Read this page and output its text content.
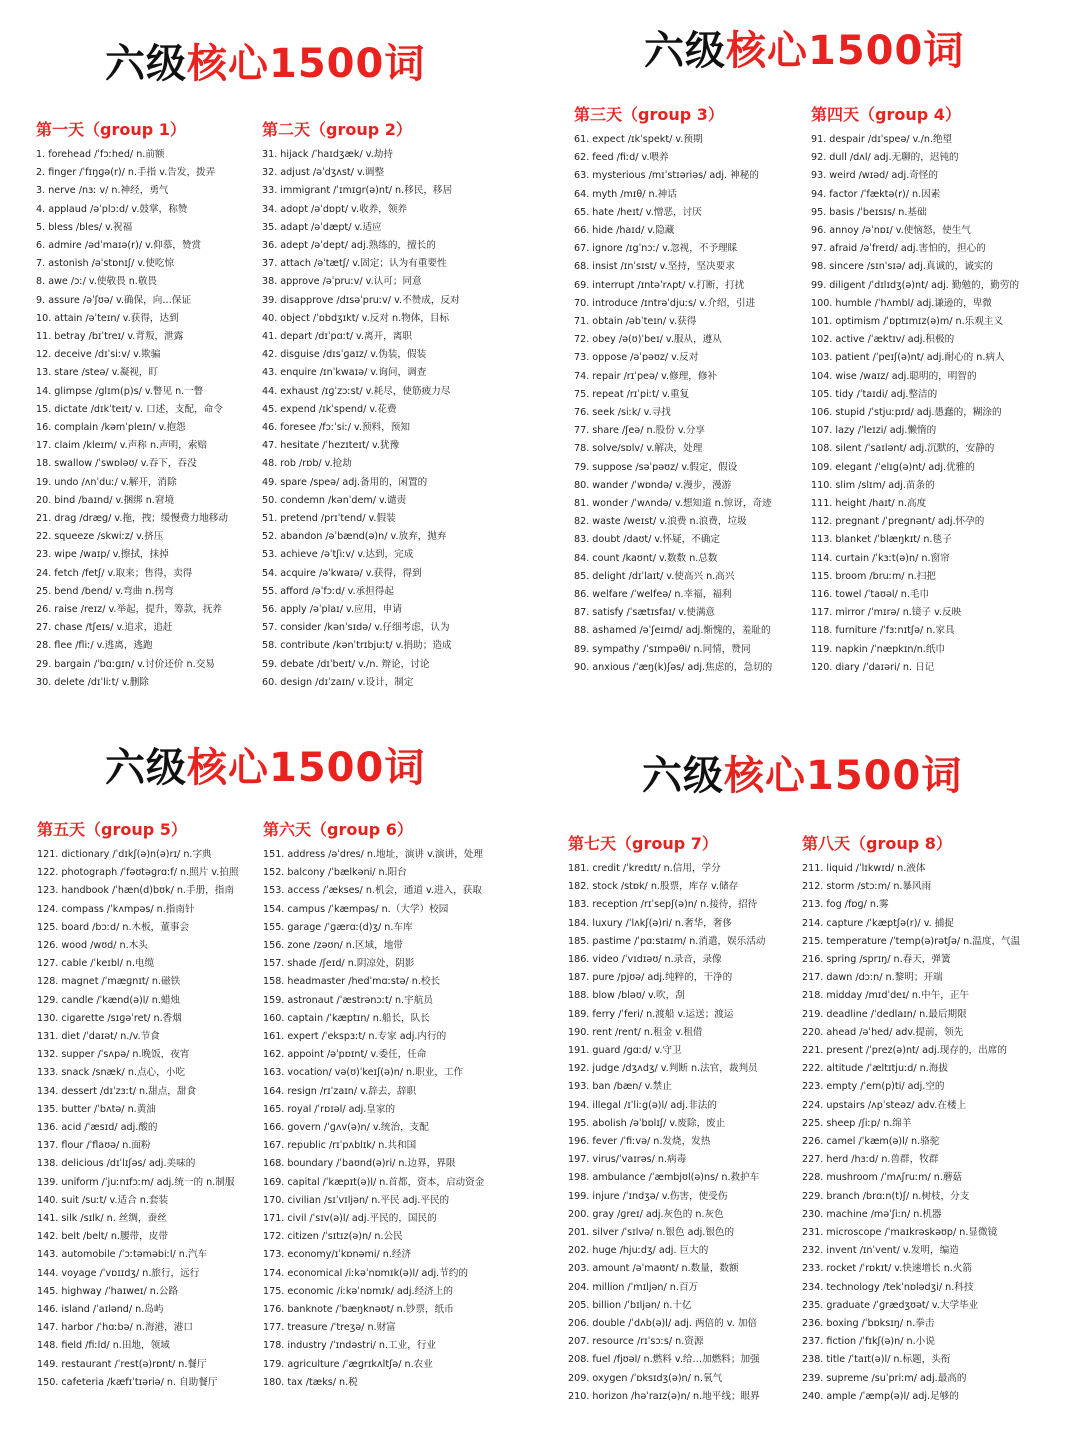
六级核心1500词
第一天（group 1）
1. forehead /ˈfɔːhed/ n.前额
2. finger /ˈfɪŋɡə(r)/ n.手指 v.告发，拨弄
3. nerve /nɜː v/ n.神经，勇气
4. applaud /əˈplɔːd/ v.鼓掌，称赞
5. bless /bles/ v.祝福
6. admire /ədˈmaɪə(r)/ v.仰慕，赞赏
7. astonish /əˈstɒnɪʃ/ v.使吃惊
8. awe /ɔː/ v.使敬畏 n.敬畏
9. assure /əˈʃʊə/ v.确保，向…保证
10. attain /əˈteɪn/ v.获得，达到
11. betray /bɪˈtreɪ/ v.背叛，泄露
12. deceive /dɪˈsiːv/ v.欺骗
13. stare /steə/ v.凝视，盯
14. glimpse /glɪm(p)s/ v.瞥见 n.一瞥
15. dictate /dɪkˈteɪt/ v. 口述，支配，命令
16. complain /kəmˈpleɪn/ v.抱怨
17. claim /kleɪm/ v.声称 n.声明，索赔
18. swallow /ˈswɒləʊ/ v.吞下，吞没
19. undo /ʌnˈduː/ v.解开，消除
20. bind /baɪnd/ v.捆绑 n.窘境
21. drag /dræɡ/ v.拖，拽；缓慢费力地移动
22. squeeze /skwiːz/ v.挤压
23. wipe /waɪp/ v.擦拭，抹掉
24. fetch /fetʃ/ v.取来；售得，卖得
25. bend /bend/ v.弯曲 n.拐弯
26. raise /reɪz/ v.举起，提升，筹款，抚养
27. chase /tʃeɪs/ v.追求，追赶
28. flee /fliː/ v.逃离，逃跑
29. bargain /ˈbɑːɡɪn/ v.讨价还价 n.交易
30. delete /dɪˈliːt/ v.删除
第二天（group 2）
31. hijack /ˈhaɪdʒæk/ v.劫持
32. adjust /əˈdʒʌst/ v.调整
33. immigrant /ˈɪmɪɡr(ə)nt/ n.移民，移居
34. adopt /əˈdɒpt/ v.收养，领养
35. adapt /əˈdæpt/ v.适应
36. adept /əˈdept/ adj.熟练的，擅长的
37. attach /əˈtætʃ/ v.固定；认为有重要性
38. approve /əˈpruːv/ v.认可；同意
39. disapprove /dɪsəˈpruːv/ v.不赞成，反对
40. object /ˈɒbdʒɪkt/ v.反对 n.物体，目标
41. depart /dɪˈpɑːt/ v.离开，离职
42. disguise /dɪsˈɡaɪz/ v.伪装，假装
43. enquire /ɪnˈkwaɪə/ v.询问，调查
44. exhaust /ɪɡˈzɔːst/ v.耗尽，使筋疲力尽
45. expend /ɪkˈspend/ v.花费
46. foresee /fɔːˈsiː/ v.预料，预知
47. hesitate /ˈhezɪteɪt/ v.犹豫
48. rob /rɒb/ v.抢劫
49. spare /speə/ adj.备用的，闲置的
50. condemn /kənˈdem/ v.谴责
51. pretend /prɪˈtend/ v.假装
52. abandon /əˈbænd(ə)n/ v.放弃，抛弃
53. achieve /əˈtʃiːv/ v.达到，完成
54. acquire /əˈkwaɪə/ v.获得，得到
55. afford /əˈfɔːd/ v.承担得起
56. apply /əˈplaɪ/ v.应用，申请
57. consider /kənˈsɪdə/ v.仔细考虑，认为
58. contribute /kənˈtrɪbjuːt/ v.捐助；造成
59. debate /dɪˈbeɪt/ v./n. 辩论，讨论
60. design /dɪˈzaɪn/ v.设计，制定
六级核心1500词
第三天（group 3）
61. expect /ɪkˈspekt/ v.预期
62. feed /fiːd/ v.喂养
63. mysterious /mɪˈstɪəriəs/ adj. 神秘的
64. myth /mɪθ/ n.神话
65. hate /heɪt/ v.憎恶，讨厌
66. hide /haɪd/ v.隐藏
67. ignore /ɪgˈnɔː/ v.忽视，不予理睬
68. insist /ɪnˈsɪst/ v.坚持，坚决要求
69. interrupt /ɪntəˈrʌpt/ v.打断，打扰
70. introduce /ɪntrəˈdjuːs/ v.介绍，引进
71. obtain /əbˈteɪn/ v.获得
72. obey /ə(ʊ)ˈbeɪ/ v.服从，遵从
73. oppose /əˈpəʊz/ v.反对
74. repair /rɪˈpeə/ v.修理，修补
75. repeat /rɪˈpiːt/ v.重复
76. seek /siːk/ v.寻找
77. share /ʃeə/ n.股份 v.分享
78. solve/sɒlv/ v.解决，处理
79. suppose /səˈpəʊz/ v.假定，假设
80. wander /ˈwɒndə/ v.漫步，漫游
81. wonder /ˈwʌndə/ v.想知道 n.惊讶，奇迹
82. waste /weɪst/ v.浪费 n.浪费，垃圾
83. doubt /daʊt/ v.怀疑，不确定
84. count /kaʊnt/ v.数数 n.总数
85. delight /dɪˈlaɪt/ v.使高兴 n.高兴
86. welfare /ˈwelfeə/ n.幸福，福利
87. satisfy /ˈsætɪsfaɪ/ v.使满意
88. ashamed /əˈʃeɪmd/ adj.惭愧的，羞耻的
89. sympathy /ˈsɪmpəθi/ n.同情，赞同
90. anxious /ˈæŋ(k)ʃəs/ adj.焦虑的，急切的
第四天（group 4）
91. despair /dɪˈspeə/ v./n.绝望
92. dull /dʌl/ adj.无聊的，迟钝的
93. weird /wɪəd/ adj.奇怪的
94. factor /ˈfæktə(r)/ n.因素
95. basis /ˈbeɪsɪs/ n.基础
96. annoy /əˈnɒɪ/ v.使恼怒，使生气
97. afraid /əˈfreɪd/ adj.害怕的，担心的
98. sincere /sɪnˈsɪə/ adj.真诚的，诚实的
99. diligent /ˈdɪlɪdʒ(ə)nt/ adj. 勤勉的，勤劳的
100. humble /ˈhʌmbl/ adj.谦逊的，卑微
101. optimism /ˈɒptɪmɪz(ə)m/ n.乐观主义
102. active /ˈæktɪv/ adj.积极的
103. patient /ˈpeɪʃ(ə)nt/ adj.耐心的 n.病人
104. wise /waɪz/ adj.聪明的，明智的
105. tidy /ˈtaɪdi/ adj.整洁的
106. stupid /ˈstjuːpɪd/ adj.愚蠢的，糊涂的
107. lazy /ˈleɪzi/ adj.懒惰的
108. silent /ˈsaɪlənt/ adj.沉默的，安静的
109. elegant /ˈelɪɡ(ə)nt/ adj.优雅的
110. slim /slɪm/ adj.苗条的
111. height /haɪt/ n.高度
112. pregnant /ˈpregnənt/ adj.怀孕的
113. blanket /ˈblæŋkɪt/ n.毯子
114. curtain /ˈkɜːt(ə)n/ n.窗帘
115. broom /bruːm/ n.扫把
116. towel /ˈtaʊəl/ n.毛巾
117. mirror /ˈmɪrə/ n.镜子 v.反映
118. furniture /ˈfɜːnɪtʃə/ n.家具
119. napkin /ˈnæpkɪn/n.纸巾
120. diary /ˈdaɪəri/ n. 日记
六级核心1500词
第五天（group 5）
121. dictionary /ˈdɪkʃ(ə)n(ə)rɪ/ n.字典
122. photograph /ˈfəʊtəɡrɑːf/ n.照片 v.拍照
123. handbook /ˈhæn(d)bʊk/ n.手册，指南
124. compass /ˈkʌmpəs/ n.指南针
125. board /bɔːd/ n.木板，董事会
126. wood /wʊd/ n.木头
127. cable /ˈkeɪbl/ n.电缆
128. magnet /ˈmæɡnɪt/ n.磁铁
129. candle /ˈkænd(ə)l/ n.蜡烛
130. cigarette /sɪɡəˈret/ n.香烟
131. diet /ˈdaɪət/ n./v.节食
132. supper /ˈsʌpə/ n.晚饭，夜宵
133. snack /snæk/ n.点心，小吃
134. dessert /dɪˈzɜːt/ n.甜点，甜食
135. butter /ˈbʌtə/ n.黄油
136. acid /ˈæsɪd/ adj.酸的
137. flour /ˈflaʊə/ n.面粉
138. delicious /dɪˈlɪʃəs/ adj.美味的
139. uniform /ˈjuːnɪfɔːm/ adj.统一的 n.制服
140. suit /suːt/ v.适合 n.套装
141. silk /sɪlk/ n. 丝绸，蚕丝
142. belt /belt/ n.腰带，皮带
143. automobile /ˈɔːtəməbiːl/ n.汽车
144. voyage /ˈvɒɪɪdʒ/ n.旅行，远行
145. highway /ˈhaɪweɪ/ n.公路
146. island /ˈaɪlənd/ n.岛屿
147. harbor /ˈhɑːbə/ n.海港，港口
148. field /fiːld/ n.田地，领域
149. restaurant /ˈrest(ə)rɒnt/ n.餐厅
150. cafeteria /kæfɪˈtɪəriə/ n. 自助餐厅
第六天（group 6）
151. address /əˈdres/ n.地址，演讲 v.演讲，处理
152. balcony /ˈbælkəni/ n.阳台
153. access /ˈækses/ n.机会，通道 v.进入，获取
154. campus /ˈkæmpəs/ n.（大学）校园
155. garage /ˈɡærɑː(d)ʒ/ n.车库
156. zone /zəʊn/ n.区域，地带
157. shade /ʃeɪd/ n.阴凉处，阴影
158. headmaster /hedˈmɑːstə/ n.校长
159. astronaut /ˈæstrənɔːt/ n.宇航员
160. captain /ˈkæptɪn/ n.船长，队长
161. expert /ˈekspɜːt/ n.专家 adj.内行的
162. appoint /əˈpɒɪnt/ v.委任，任命
163. vocation/ və(ʊ)ˈkeɪʃ(ə)n/ n.职业，工作
164. resign /rɪˈzaɪn/ v.辞去，辞职
165. royal /ˈrɒɪəl/ adj.皇家的
166. govern /ˈɡʌv(ə)n/ v.统治，支配
167. republic /rɪˈpʌblɪk/ n.共和国
168. boundary /ˈbaʊnd(ə)ri/ n.边界，界限
169. capital /ˈkæpɪt(ə)l/ n.首都，资本，启动资金
170. civilian /sɪˈvɪljən/ n.平民 adj.平民的
171. civil /ˈsɪv(ə)l/ adj.平民的，国民的
172. citizen /ˈsɪtɪz(ə)n/ n.公民
173. economy/ɪˈkɒnəmi/ n.经济
174. economical /iːkəˈnɒmɪk(ə)l/ adj.节约的
175. economic /iːkəˈnɒmɪk/ adj.经济上的
176. banknote /ˈbæŋknəʊt/ n.钞票，纸币
177. treasure /ˈtreʒə/ n.财富
178. industry /ˈɪndəstri/ n.工业，行业
179. agriculture /ˈæɡrɪkʌltʃə/ n.农业
180. tax /tæks/ n.税
六级核心1500词
第七天（group 7）
181. credit /ˈkredɪt/ n.信用，学分
182. stock /stɒk/ n.股票，库存 v.储存
183. reception /rɪˈsepʃ(ə)n/ n.接待，招待
184. luxury /ˈlʌkʃ(ə)ri/ n.奢华，奢侈
185. pastime /ˈpɑːstaɪm/ n.消遣，娱乐活动
186. video /ˈvɪdɪəʊ/ n.录音，录像
187. pure /pjʊə/ adj.纯粹的，干净的
188. blow /bləʊ/ v.吹，刮
189. ferry /ˈferi/ n.渡船 v.运送；渡运
190. rent /rent/ n.租金 v.租借
191. guard /gɑːd/ v.守卫
192. judge /dʒʌdʒ/ v.判断 n.法官，裁判员
193. ban /bæn/ v.禁止
194. illegal /ɪˈliːg(ə)l/ adj.非法的
195. abolish /əˈbɒlɪʃ/ v.废除，废止
196. fever /ˈfiːvə/ n.发烧，发热
197. virus/ˈvaɪrəs/ n.病毒
198. ambulance /ˈæmbjʊl(ə)ns/ n.救护车
199. injure /ˈɪndʒə/ v.伤害，使受伤
200. gray /ɡreɪ/ adj.灰色的 n.灰色
201. silver /ˈsɪlvə/ n.银色 adj.银色的
202. huge /hjuːdʒ/ adj. 巨大的
203. amount /əˈmaʊnt/ n.数量，数额
204. million /ˈmɪljən/ n.百万
205. billion /ˈbɪljən/ n.十亿
206. double /ˈdʌb(ə)l/ adj. 两倍的 v. 加倍
207. resource /rɪˈsɔːs/ n.资源
208. fuel /fjʊəl/ n.燃料 v.给…加燃料；加强
209. oxygen /ˈɒksɪdʒ(ə)n/ n.氧气
210. horizon /həˈraɪz(ə)n/ n.地平线；眼界
第八天（group 8）
211. liquid /ˈlɪkwɪd/ n.液体
212. storm /stɔːm/ n.暴风雨
213. fog /fɒɡ/ n.雾
214. capture /ˈkæptʃə(r)/ v. 捕捉
215. temperature /ˈtemp(ə)rətʃə/ n.温度，气温
216. spring /sprɪŋ/ n.春天，弹簧
217. dawn /dɔːn/ n.黎明；开端
218. midday /mɪdˈdeɪ/ n.中午，正午
219. deadline /ˈdedlaɪn/ n.最后期限
220. ahead /əˈhed/ adv.提前，领先
221. present /ˈprez(ə)nt/ adj.现存的，出席的
222. altitude /ˈæltɪtjuːd/ n.海拔
223. empty /ˈem(p)ti/ adj.空的
224. upstairs /ʌpˈsteəz/ adv.在楼上
225. sheep /ʃiːp/ n.绵羊
226. camel /ˈkæm(ə)l/ n.骆驼
227. herd /hɜːd/ n.兽群，牧群
228. mushroom /ˈmʌʃruːm/ n.蘑菇
229. branch /brɑːn(t)ʃ/ n.树枝，分支
230. machine /məˈʃiːn/ n.机器
231. microscope /ˈmaɪkrəskəʊp/ n.显微镜
232. invent /ɪnˈvent/ v.发明，编造
233. rocket /ˈrɒkɪt/ v.快速增长 n.火箭
234. technology /tekˈnɒlədʒi/ n.科技
235. graduate /ˈɡrædʒʊət/ v.大学毕业
236. boxing /ˈbɒksɪŋ/ n.拳击
237. fiction /ˈfɪkʃ(ə)n/ n.小说
238. title /ˈtaɪt(ə)l/ n.标题，头衔
239. supreme /suˈpriːm/ adj.最高的
240. ample /ˈæmp(ə)l/ adj.足够的
